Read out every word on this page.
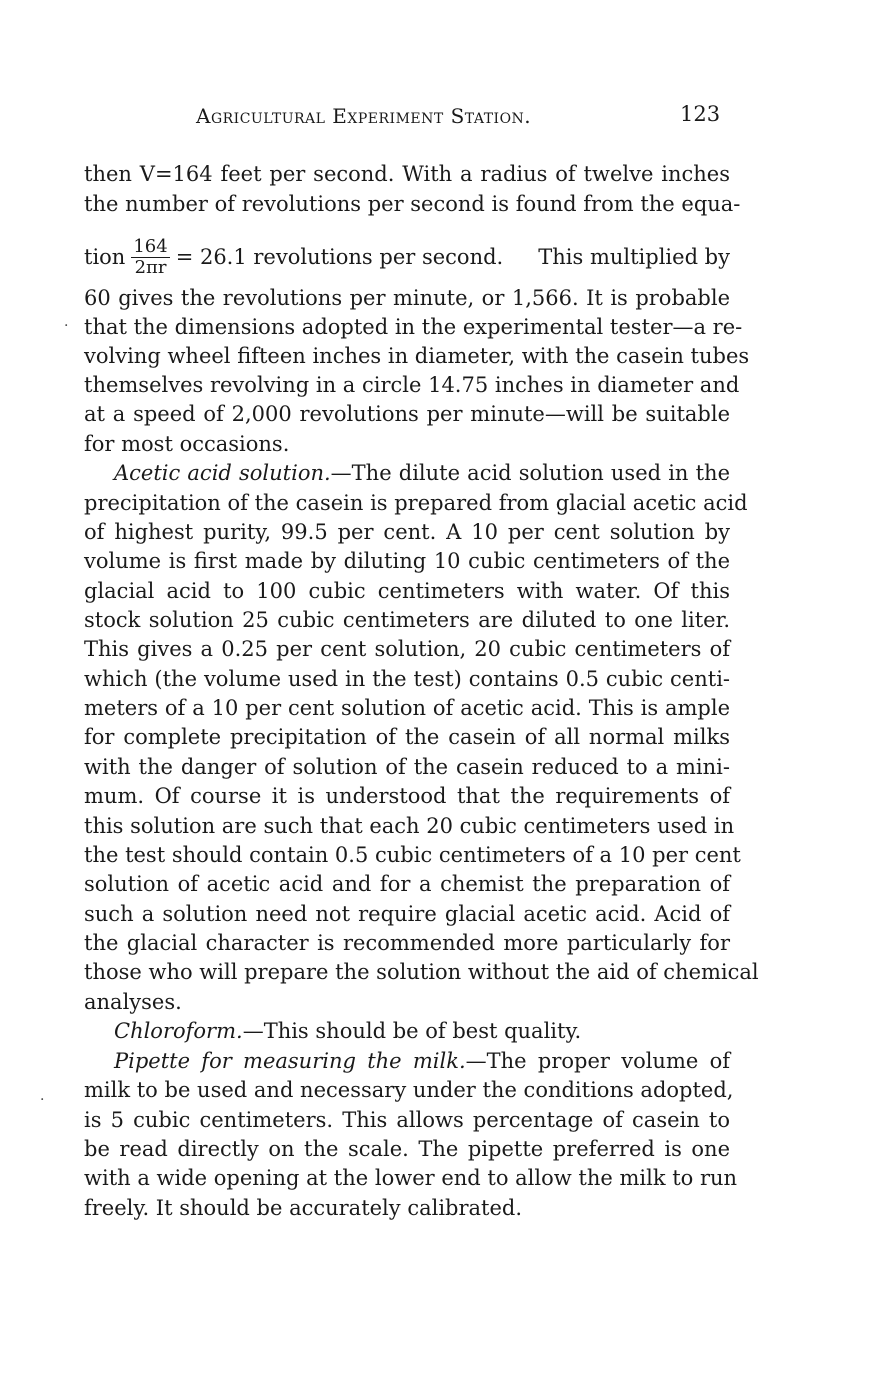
Agricultural Experiment Station.	123
then V=164 feet per second. With a radius of twelve inches
the number of revolutions per second is found from the equa-
tion $\frac{164}{2\pi r} = 26.1$ revolutions per second. This multiplied by
·
60 gives the revolutions per minute, or 1,566. It is probable
that the dimensions adopted in the experimental tester—a re-
volving wheel fifteen inches in diameter, with the casein tubes
themselves revolving in a circle 14.75 inches in diameter and
at a speed of 2,000 revolutions per minute—will be suitable
for most occasions.
Acetic acid solution.—The dilute acid solution used in the
precipitation of the casein is prepared from glacial acetic acid
of highest purity, 99.5 per cent. A 10 per cent solution by
volume is first made by diluting 10 cubic centimeters of the
glacial acid to 100 cubic centimeters with water. Of this
stock solution 25 cubic centimeters are diluted to one liter.
This gives a 0.25 per cent solution, 20 cubic centimeters of
which (the volume used in the test) contains 0.5 cubic centi-
meters of a 10 per cent solution of acetic acid. This is ample
for complete precipitation of the casein of all normal milks
with the danger of solution of the casein reduced to a mini-
mum. Of course it is understood that the requirements of
this solution are such that each 20 cubic centimeters used in
the test should contain 0.5 cubic centimeters of a 10 per cent
solution of acetic acid and for a chemist the preparation of
such a solution need not require glacial acetic acid. Acid of
the glacial character is recommended more particularly for
those who will prepare the solution without the aid of chemical
analyses.
Chloroform.—This should be of best quality.
Pipette for measuring the milk.—The proper volume of
· milk to be used and necessary under the conditions adopted,
is 5 cubic centimeters. This allows percentage of casein to
be read directly on the scale. The pipette preferred is one
with a wide opening at the lower end to allow the milk to run
freely. It should be accurately calibrated.
